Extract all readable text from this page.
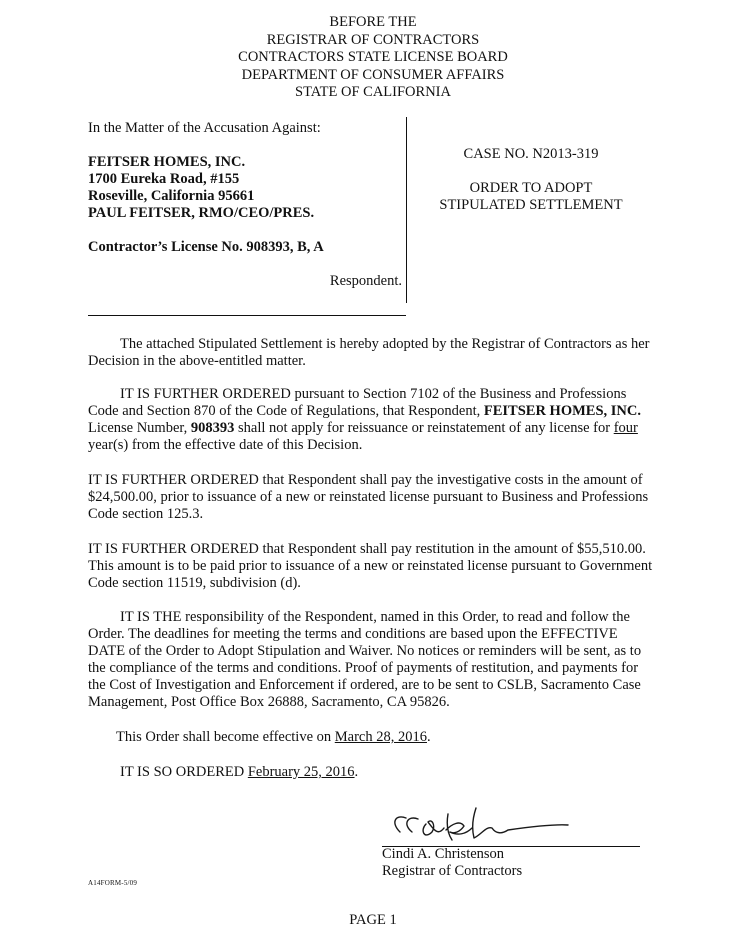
BEFORE THE
REGISTRAR OF CONTRACTORS
CONTRACTORS STATE LICENSE BOARD
DEPARTMENT OF CONSUMER AFFAIRS
STATE OF CALIFORNIA
In the Matter of the Accusation Against:
FEITSER HOMES, INC.
1700 Eureka Road, #155
Roseville, California 95661
PAUL FEITSER, RMO/CEO/PRES.
Contractor’s License No. 908393, B, A
Respondent.
CASE NO. N2013-319
ORDER TO ADOPT
STIPULATED SETTLEMENT

The attached Stipulated Settlement is hereby adopted by the Registrar of Contractors as her Decision in the above-entitled matter.

IT IS FURTHER ORDERED pursuant to Section 7102 of the Business and Professions Code and Section 870 of the Code of Regulations, that Respondent, FEITSER HOMES, INC. License Number, 908393 shall not apply for reissuance or reinstatement of any license for four year(s) from the effective date of this Decision.

IT IS FURTHER ORDERED that Respondent shall pay the investigative costs in the amount of $24,500.00, prior to issuance of a new or reinstated license pursuant to Business and Professions Code section 125.3.

IT IS FURTHER ORDERED that Respondent shall pay restitution in the amount of $55,510.00. This amount is to be paid prior to issuance of a new or reinstated license pursuant to Government Code section 11519, subdivision (d).

IT IS THE responsibility of the Respondent, named in this Order, to read and follow the Order. The deadlines for meeting the terms and conditions are based upon the EFFECTIVE DATE of the Order to Adopt Stipulation and Waiver. No notices or reminders will be sent, as to the compliance of the terms and conditions. Proof of payments of restitution, and payments for the Cost of Investigation and Enforcement if ordered, are to be sent to CSLB, Sacramento Case Management, Post Office Box 26888, Sacramento, CA 95826.

This Order shall become effective on March 28, 2016.
IT IS SO ORDERED February 25, 2016.
Cindi A. Christenson
Registrar of Contractors
A14FORM-5/09
PAGE 1
